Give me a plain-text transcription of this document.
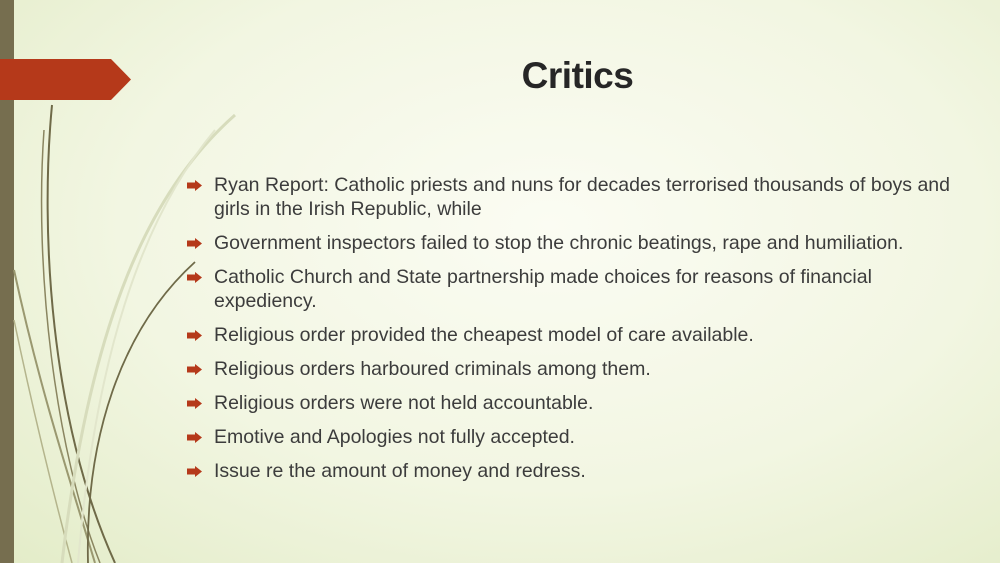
Critics
Ryan Report: Catholic priests and nuns for decades terrorised thousands of boys and girls in the Irish Republic, while
Government inspectors failed to stop the chronic beatings, rape and humiliation.
Catholic Church and State partnership made choices for reasons of financial expediency.
Religious order provided the cheapest model of care available.
Religious orders harboured criminals among them.
Religious orders were not held accountable.
Emotive and Apologies not fully accepted.
Issue re the amount of money and redress.
